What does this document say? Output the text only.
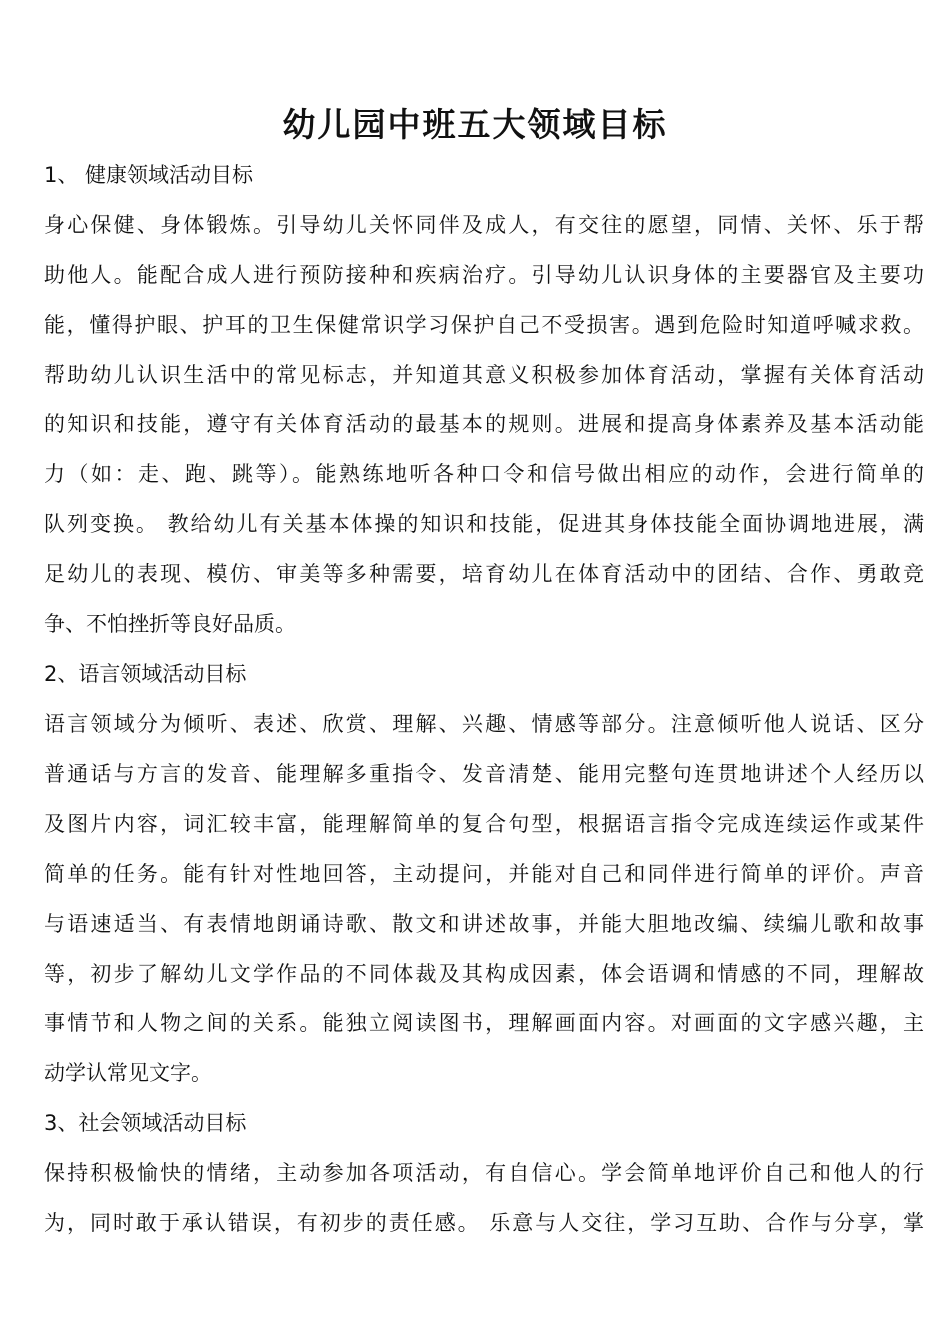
幼儿园中班五大领域目标

1、 健康领域活动目标

身心保健、身体锻炼。引导幼儿关怀同伴及成人，有交往的愿望，同情、关怀、乐于帮

助他人。能配合成人进行预防接种和疾病治疗。引导幼儿认识身体的主要器官及主要功

能，懂得护眼、护耳的卫生保健常识学习保护自己不受损害。遇到危险时知道呼喊求救。

帮助幼儿认识生活中的常见标志，并知道其意义积极参加体育活动，掌握有关体育活动

的知识和技能，遵守有关体育活动的最基本的规则。进展和提高身体素养及基本活动能

力（如：走、跑、跳等）。能熟练地听各种口令和信号做出相应的动作，会进行简单的

队列变换。 教给幼儿有关基本体操的知识和技能，促进其身体技能全面协调地进展，满

足幼儿的表现、模仿、审美等多种需要，培育幼儿在体育活动中的团结、合作、勇敢竞

争、不怕挫折等良好品质。

2、语言领域活动目标

语言领域分为倾听、表述、欣赏、理解、兴趣、情感等部分。注意倾听他人说话、区分

普通话与方言的发音、能理解多重指令、发音清楚、能用完整句连贯地讲述个人经历以

及图片内容，词汇较丰富，能理解简单的复合句型，根据语言指令完成连续运作或某件

简单的任务。能有针对性地回答，主动提问，并能对自己和同伴进行简单的评价。声音

与语速适当、有表情地朗诵诗歌、散文和讲述故事，并能大胆地改编、续编儿歌和故事

等，初步了解幼儿文学作品的不同体裁及其构成因素，体会语调和情感的不同，理解故

事情节和人物之间的关系。能独立阅读图书，理解画面内容。对画面的文字感兴趣，主

动学认常见文字。

3、社会领域活动目标

保持积极愉快的情绪，主动参加各项活动，有自信心。学会简单地评价自己和他人的行

为，同时敢于承认错误，有初步的责任感。 乐意与人交往，学习互助、合作与分享，掌
